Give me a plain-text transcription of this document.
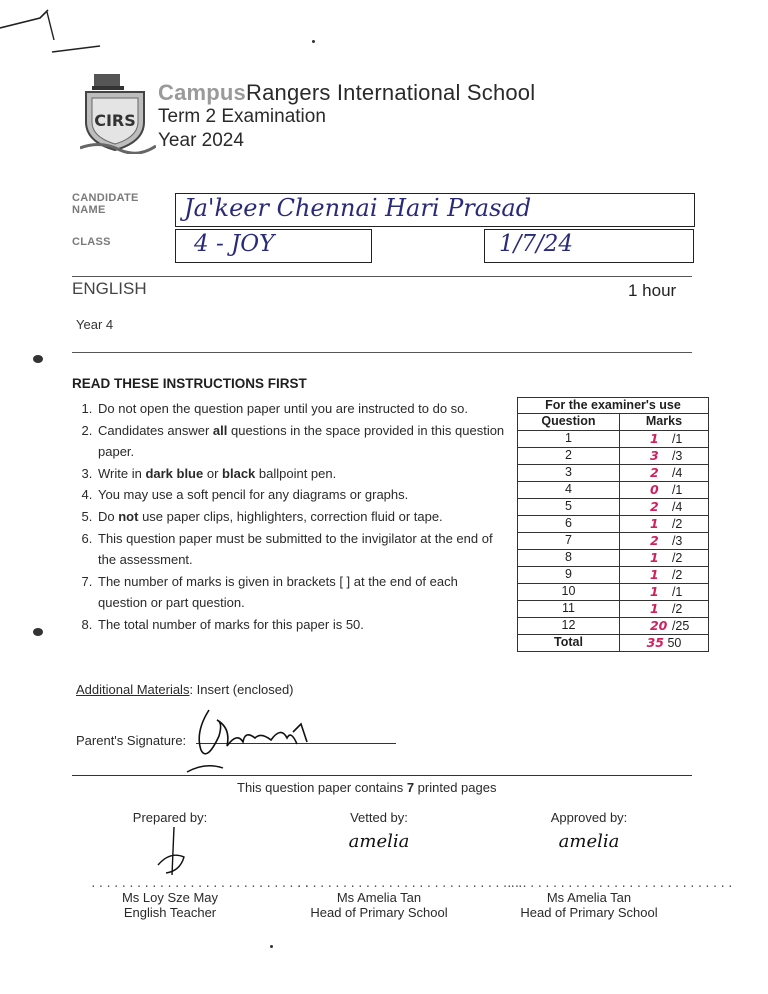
CIRS
CampusRangers International School
Term 2 Examination
Year 2024
CANDIDATE
NAME	Ja'keer Chennai Hari Prasad
CLASS	4 - JOY	1/7/24
ENGLISH	1 hour
Year 4
READ THESE INSTRUCTIONS FIRST
1. Do not open the question paper until you are instructed to do so.
2. Candidates answer all questions in the space provided in this question paper.
3. Write in dark blue or black ballpoint pen.
4. You may use a soft pencil for any diagrams or graphs.
5. Do not use paper clips, highlighters, correction fluid or tape.
6. This question paper must be submitted to the invigilator at the end of the assessment.
7. The number of marks is given in brackets [ ] at the end of each question or part question.
8. The total number of marks for this paper is 50.
For the examiner's use	
Question	Marks
1	1 /1
2	3 /3
3	2 /4
4	0 /1
5	2 /4
6	1 /2
7	2 /3
8	1 /2
9	1 /2
10	1 /1
11	1 /2
12	20 /25
Total	35 50
Additional Materials: Insert (enclosed)
Parent's Signature:
This question paper contains 7 printed pages
Prepared by:
.............................
Ms Loy Sze May
English Teacher
Vetted by:
amelia
..............................
Ms Amelia Tan
Head of Primary School
Approved by:
amelia
..............................
Ms Amelia Tan
Head of Primary School
